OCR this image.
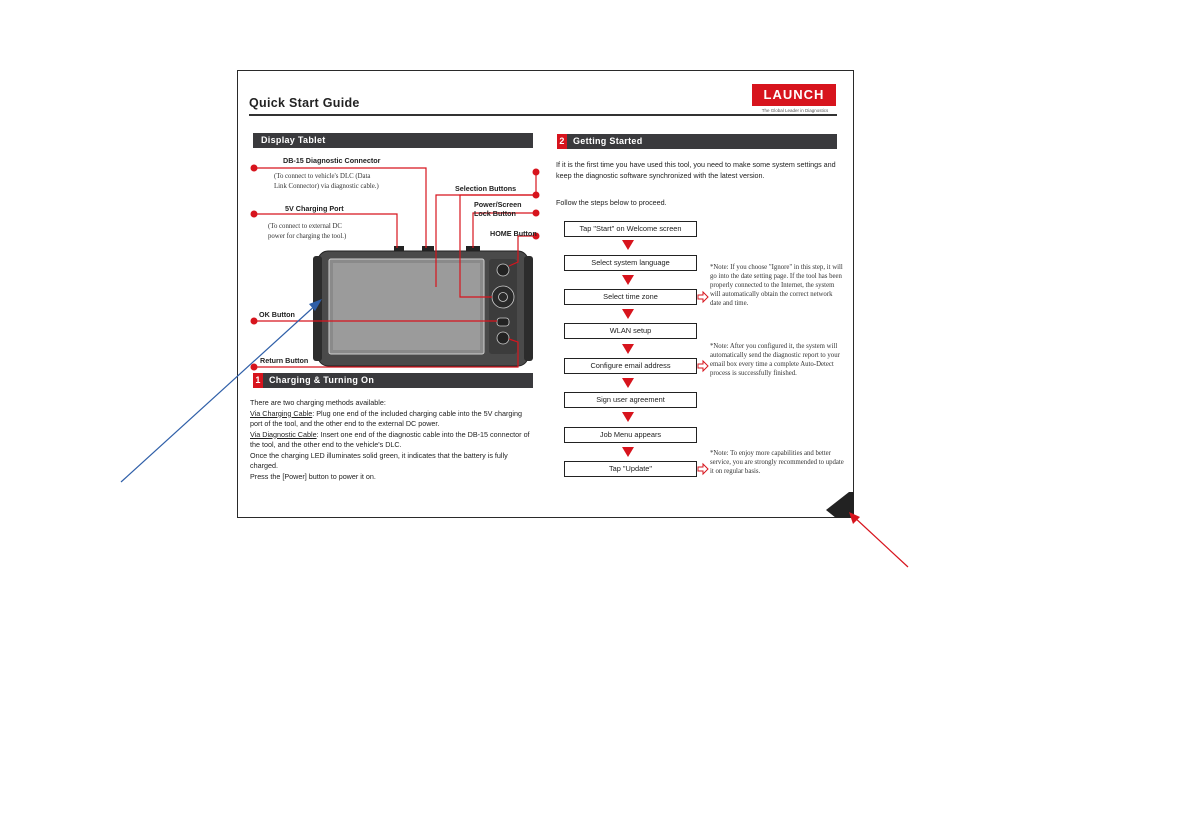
Quick Start Guide
LAUNCH
The Global Leader in Diagnostics
Display Tablet
DB-15 Diagnostic Connector
(To connect to vehicle's DLC (Data
Link Connector) via diagnostic cable.)
5V Charging Port
(To connect to external DC
power for charging the tool.)
Selection Buttons
Power/Screen
Lock Button
HOME Button
OK Button
Return Button
1 Charging & Turning On

There are two charging methods available:

Via Charging Cable: Plug one end of the included charging cable into the 5V charging port of the tool, and the other end to the external DC power.

Via Diagnostic Cable: Insert one end of the diagnostic cable into the DB-15 connector of the tool, and the other end to the vehicle's DLC.

Once the charging LED illuminates solid green, it indicates that the battery is fully charged.

Press the [Power] button to power it on.

2 Getting Started
If it is the first time you have used this tool, you need to make some system settings and keep the diagnostic software synchronized with the latest version.
Follow the steps below to proceed.
Tap "Start" on Welcome screen
Select system language
Select time zone
WLAN setup
Configure email address
Sign user agreement
Job Menu appears
Tap "Update"
*Note: If you choose "Ignore" in this step, it will go into the date setting page. If the tool has been properly connected to the Internet, the system will automatically obtain the correct network date and time.
*Note: After you configured it, the system will automatically send the diagnostic report to your email box every time a complete Auto-Detect process is successfully finished.
*Note: To enjoy more capabilities and better service, you are strongly recommended to update it on regular basis.
